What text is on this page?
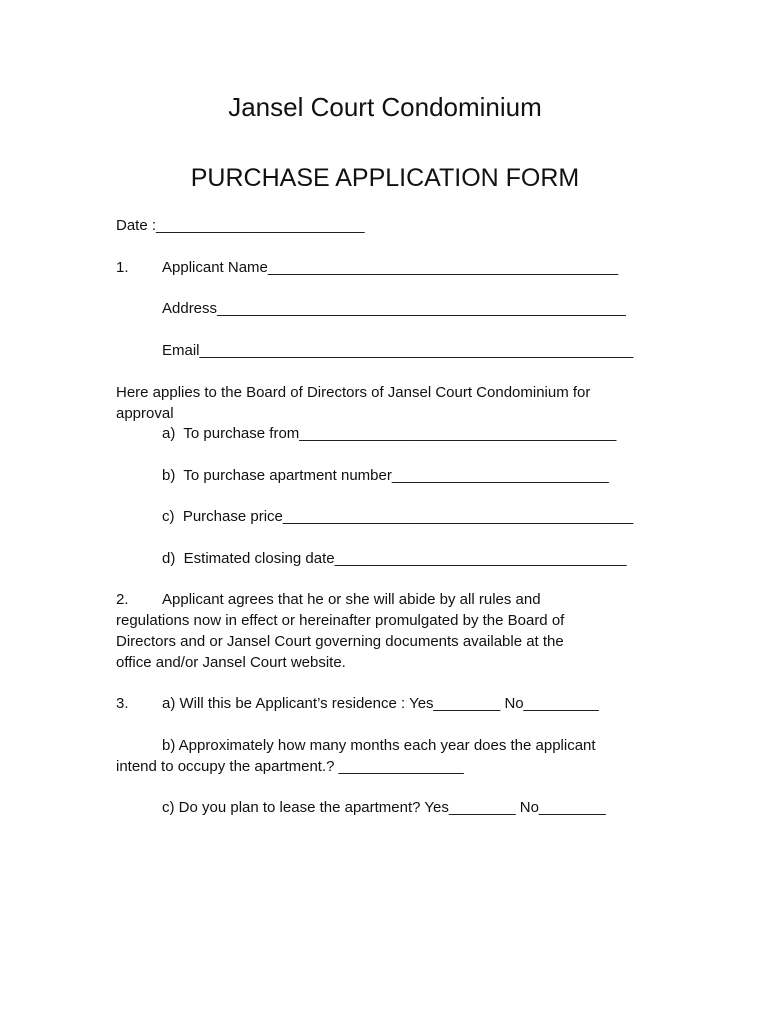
Jansel Court Condominium
PURCHASE APPLICATION FORM
Date :_________________________
1. Applicant Name__________________________________________
Address_________________________________________________
Email____________________________________________________
Here applies to the Board of Directors of Jansel Court Condominium for
approval
a)  To purchase from______________________________________
b)  To purchase apartment number__________________________
c)  Purchase price__________________________________________
d)  Estimated closing date___________________________________
2. Applicant agrees that he or she will abide by all rules and
regulations now in effect or hereinafter promulgated by the Board of
Directors and or Jansel Court governing documents available at the
office and/or Jansel Court website.
3. a) Will this be Applicant’s residence : Yes________ No_________
b) Approximately how many months each year does the applicant
intend to occupy the apartment.? _______________
c) Do you plan to lease the apartment? Yes________ No________
